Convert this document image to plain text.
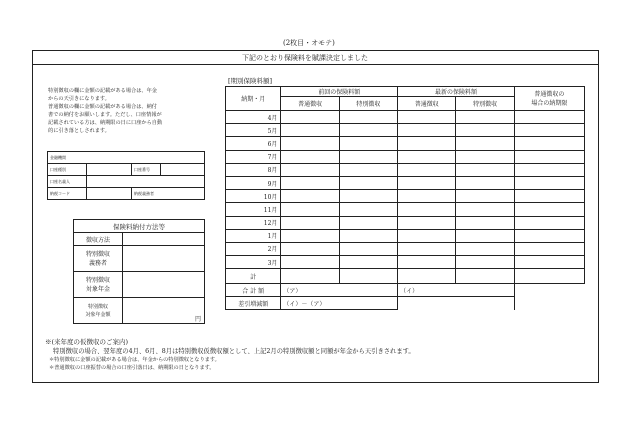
(2枚目・オモテ)
下記のとおり保険料を賦課決定しました
特別徴収の欄に金額の記載がある場合は、年金
からの天引きになります。
普通徴収の欄に金額の記載がある場合は、納付
書での納付をお願いします。ただし、口座情報が
記載されている方は、納期限の日に口座から自動
的に引き落としされます。
金融機関			
口座種別		口座番号	
口座名義人			
納税コード		納税義務者	
保険料納付方法等	
徴収方法	
特別徴収
義務者	
特別徴収
対象年金	
特別徴収
対象年金額	円
[期別保険料額]
納期・月	前回の保険料額		最新の保険料額		普通徴収の
場合の納期限
	普通徴収	特別徴収	普通徴収	特別徴収	
4月					
5月					
6月					
7月					
8月					
9月					
10月					
11月					
12月					
1月					
2月					
3月					
計					
合 計 額	（ア）		（イ）		
差引増減額	（イ）－（ア）				
※(来年度の仮徴収のご案内)
特別徴収の場合、翌年度の4月、6月、8月は特別徴収仮徴収額として、上記2月の特別徴収額と同額が年金から天引きされます。
＊特別徴収に金額の記載がある場合は、年金からの特別徴収となります。
＊普通徴収の口座振替の場合の口座引落日は、納期限の日となります。
